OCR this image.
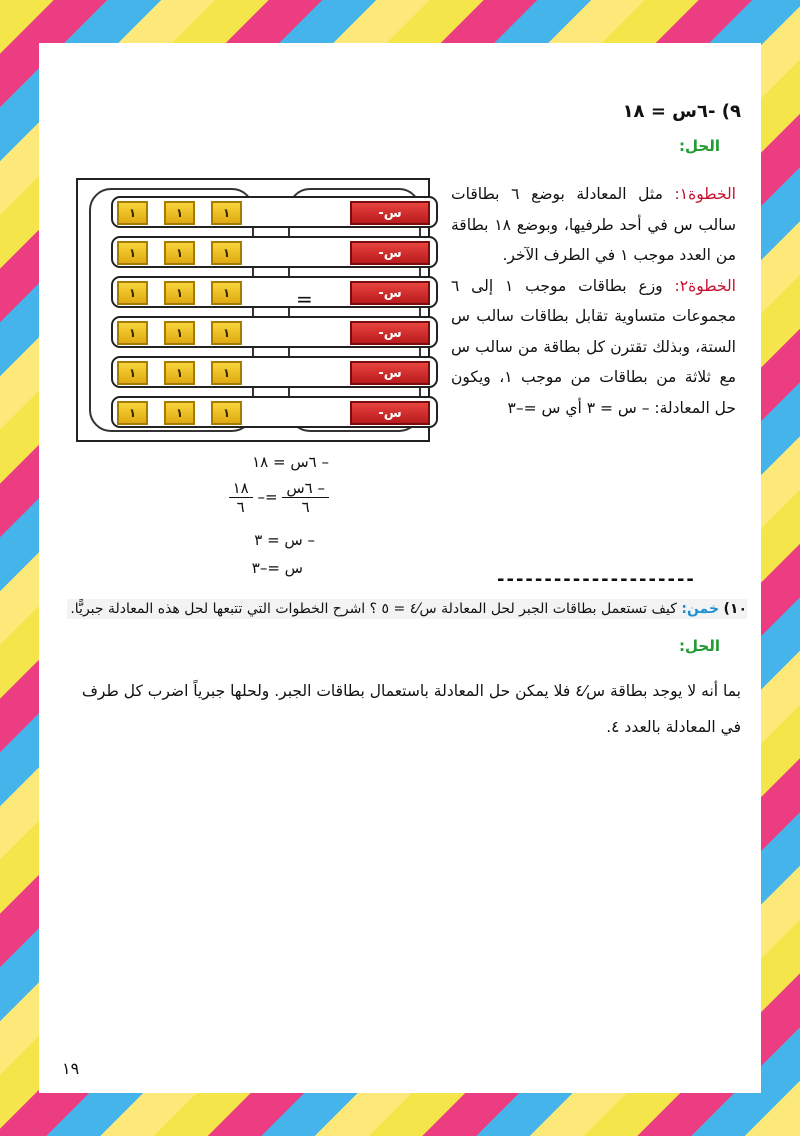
٩) -٦س = ١٨
الحل:
الخطوة١: مثل المعادلة بوضع ٦ بطاقات سالب س في أحد طرفيها، وبوضع ١٨ بطاقة من العدد موجب ١ في الطرف الآخر.
الخطوة٢: وزع بطاقات موجب ١ إلى ٦ مجموعات متساوية تقابل بطاقات سالب س الستة، وبذلك تقترن كل بطاقة من سالب س مع ثلاثة من بطاقات من موجب ١، ويكون حل المعادلة: – س = ٣ أي س =–٣
١	١	١	-س
١	١	١	-س
١	١	١	-س
١	١	١	-س
١	١	١	-س
١	١	١	-س
=
– ٦س = ١٨
$\frac{\text{– ٦س}}{٦}$
=–
$\frac{١٨}{٦}$
– س = ٣
س =–٣
---------------------
١٠) خمن: كيف تستعمل بطاقات الجبر لحل المعادلة س⁄٤ = ٥ ؟ اشرح الخطوات التي تتبعها لحل هذه المعادلة جبريًّا.
الحل:
بما أنه لا يوجد بطاقة س⁄٤ فلا يمكن حل المعادلة باستعمال بطاقات الجبر. ولحلها جبرياً اضرب كل طرف في المعادلة بالعدد ٤.
١٩
